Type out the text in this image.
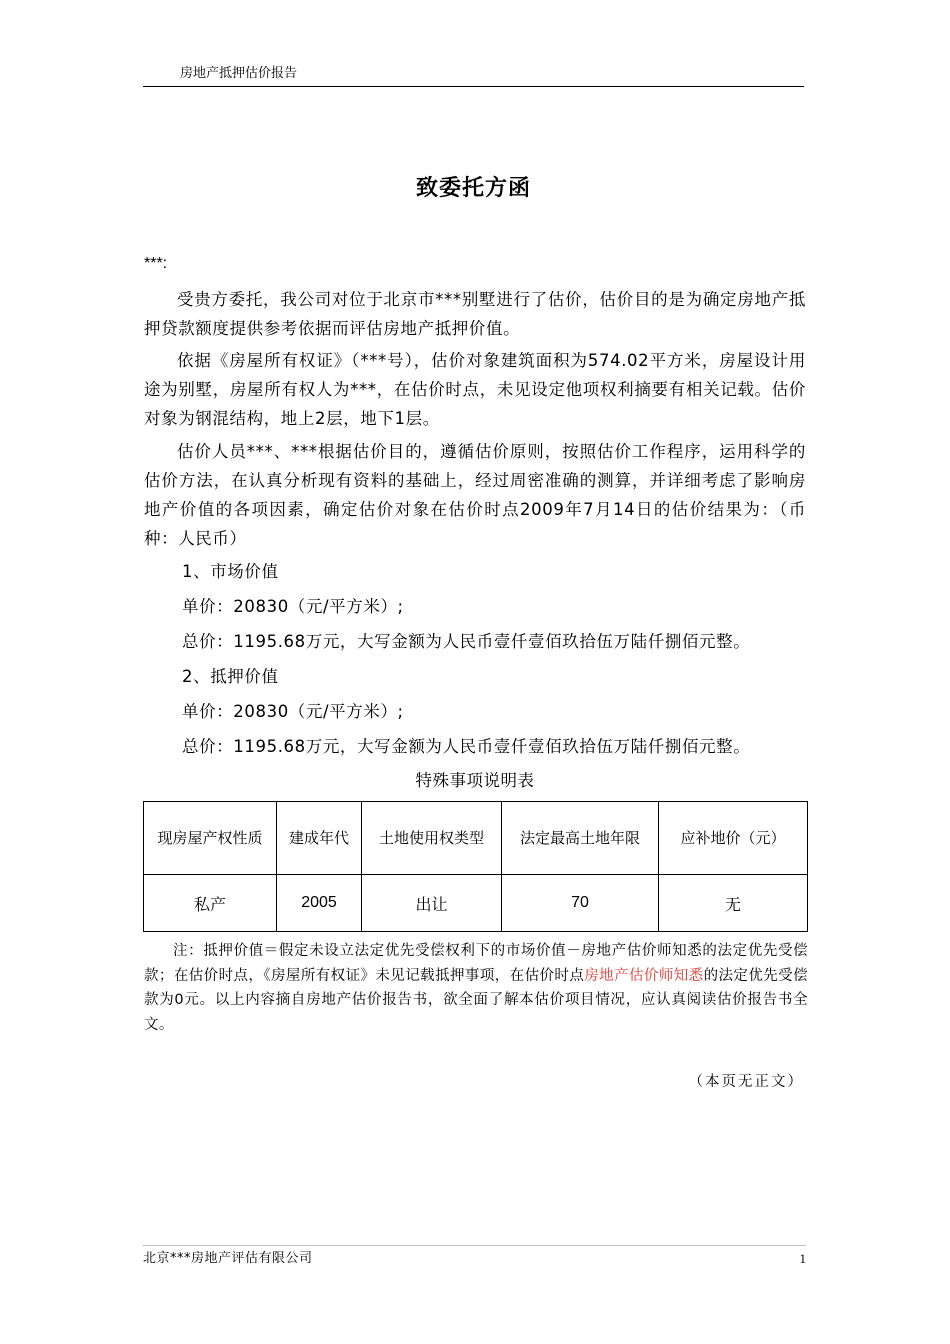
房地产抵押估价报告
致委托方函
***:

受贵方委托，我公司对位于北京市***别墅进行了估价，估价目的是为确定房地产抵押贷款额度提供参考依据而评估房地产抵押价值。

依据《房屋所有权证》（***号），估价对象建筑面积为574.02平方米，房屋设计用途为别墅，房屋所有权人为***，在估价时点，未见设定他项权利摘要有相关记载。估价对象为钢混结构，地上2层，地下1层。

估价人员***、***根据估价目的，遵循估价原则，按照估价工作程序，运用科学的估价方法，在认真分析现有资料的基础上，经过周密准确的测算，并详细考虑了影响房地产价值的各项因素，确定估价对象在估价时点2009年7月14日的估价结果为：（币种：人民币）

1、市场价值
单价：20830（元/平方米）;
总价：1195.68万元，大写金额为人民币壹仟壹佰玖拾伍万陆仟捌佰元整。
2、抵押价值
单价：20830（元/平方米）;
总价：1195.68万元，大写金额为人民币壹仟壹佰玖拾伍万陆仟捌佰元整。
特殊事项说明表
现房屋产权性质	建成年代	土地使用权类型	法定最高土地年限	应补地价（元）
私产	2005	出让	70	无

注：抵押价值＝假定未设立法定优先受偿权利下的市场价值－房地产估价师知悉的法定优先受偿款；在估价时点，《房屋所有权证》未见记载抵押事项，在估价时点房地产估价师知悉的法定优先受偿款为0元。以上内容摘自房地产估价报告书，欲全面了解本估价项目情况，应认真阅读估价报告书全文。

（本页无正文）
北京***房地产评估有限公司	1
